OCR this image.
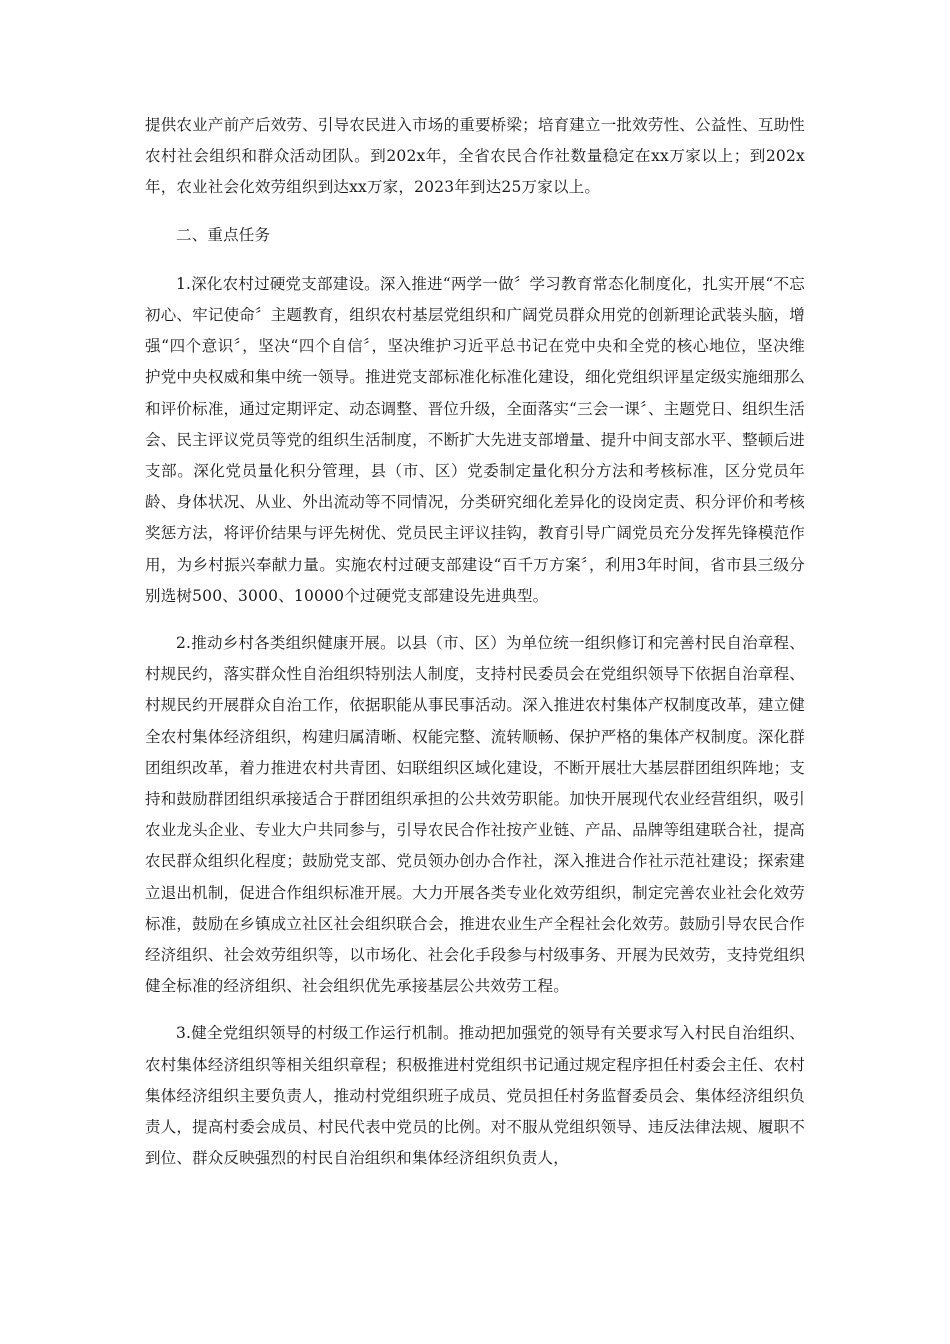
提供农业产前产后效劳、引导农民进入市场的重要桥梁；培育建立一批效劳性、公益性、互助性农村社会组织和群众活动团队。到202x年，全省农民合作社数量稳定在xx万家以上；到202x年，农业社会化效劳组织到达xx万家，2023年到达25万家以上。

二、重点任务

1.深化农村过硬党支部建设。深入推进“两学一做〞学习教育常态化制度化，扎实开展“不忘初心、牢记使命〞主题教育，组织农村基层党组织和广阔党员群众用党的创新理论武装头脑，增强“四个意识〞，坚决“四个自信〞，坚决维护习近平总书记在党中央和全党的核心地位，坚决维护党中央权威和集中统一领导。推进党支部标准化标准化建设，细化党组织评星定级实施细那么和评价标准，通过定期评定、动态调整、晋位升级，全面落实“三会一课〞、主题党日、组织生活会、民主评议党员等党的组织生活制度，不断扩大先进支部增量、提升中间支部水平、整顿后进支部。深化党员量化积分管理，县（市、区）党委制定量化积分方法和考核标准，区分党员年龄、身体状况、从业、外出流动等不同情况，分类研究细化差异化的设岗定责、积分评价和考核奖惩方法，将评价结果与评先树优、党员民主评议挂钩，教育引导广阔党员充分发挥先锋模范作用，为乡村振兴奉献力量。实施农村过硬支部建设“百千万方案〞，利用3年时间，省市县三级分别选树500、3000、10000个过硬党支部建设先进典型。

2.推动乡村各类组织健康开展。以县（市、区）为单位统一组织修订和完善村民自治章程、村规民约，落实群众性自治组织特别法人制度，支持村民委员会在党组织领导下依据自治章程、村规民约开展群众自治工作，依据职能从事民事活动。深入推进农村集体产权制度改革，建立健全农村集体经济组织，构建归属清晰、权能完整、流转顺畅、保护严格的集体产权制度。深化群团组织改革，着力推进农村共青团、妇联组织区域化建设，不断开展壮大基层群团组织阵地；支持和鼓励群团组织承接适合于群团组织承担的公共效劳职能。加快开展现代农业经营组织，吸引农业龙头企业、专业大户共同参与，引导农民合作社按产业链、产品、品牌等组建联合社，提高农民群众组织化程度；鼓励党支部、党员领办创办合作社，深入推进合作社示范社建设；探索建立退出机制，促进合作组织标准开展。大力开展各类专业化效劳组织，制定完善农业社会化效劳标准，鼓励在乡镇成立社区社会组织联合会，推进农业生产全程社会化效劳。鼓励引导农民合作经济组织、社会效劳组织等，以市场化、社会化手段参与村级事务、开展为民效劳，支持党组织健全标准的经济组织、社会组织优先承接基层公共效劳工程。

3.健全党组织领导的村级工作运行机制。推动把加强党的领导有关要求写入村民自治组织、农村集体经济组织等相关组织章程；积极推进村党组织书记通过规定程序担任村委会主任、农村集体经济组织主要负责人，推动村党组织班子成员、党员担任村务监督委员会、集体经济组织负责人，提高村委会成员、村民代表中党员的比例。对不服从党组织领导、违反法律法规、履职不到位、群众反映强烈的村民自治组织和集体经济组织负责人，
